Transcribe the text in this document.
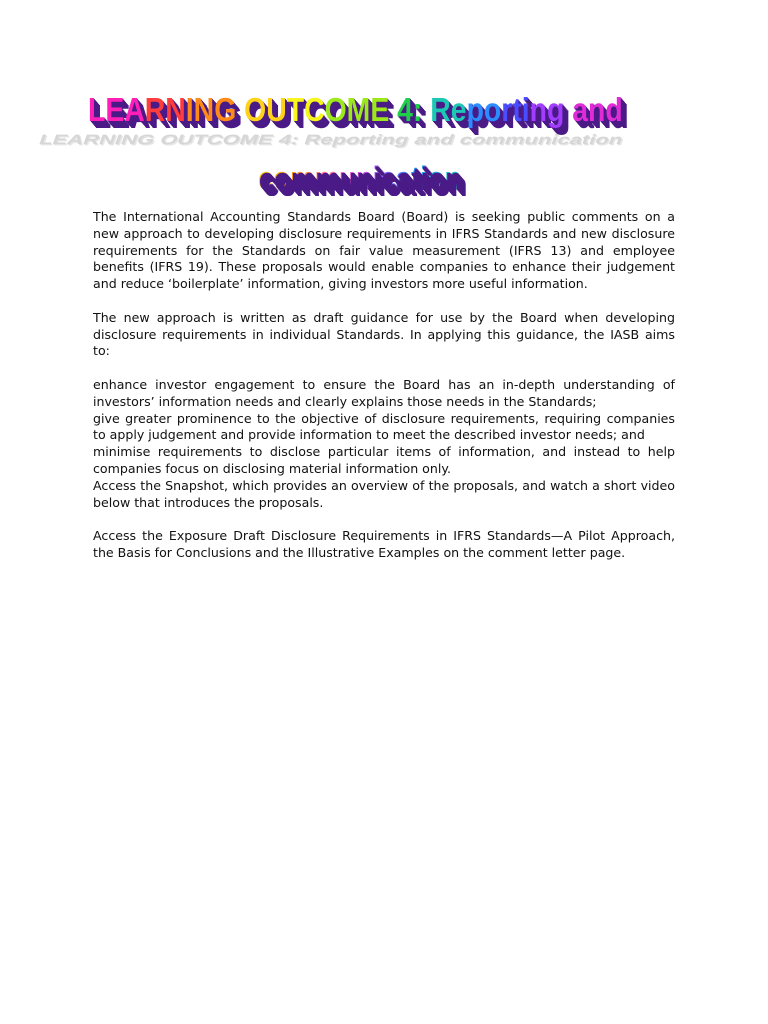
LEARNING OUTCOME 4: Reporting and communication
LEARNING OUTCOME 4: Reporting and
communication

The International Accounting Standards Board (Board) is seeking public comments on a new approach to developing disclosure requirements in IFRS Standards and new disclosure requirements for the Standards on fair value measurement (IFRS 13) and employee benefits (IFRS 19). These proposals would enable companies to enhance their judgement and reduce ‘boilerplate’ information, giving investors more useful information.

The new approach is written as draft guidance for use by the Board when developing disclosure requirements in individual Standards. In applying this guidance, the IASB aims to:

enhance investor engagement to ensure the Board has an in-depth understanding of investors’ information needs and clearly explains those needs in the Standards;

give greater prominence to the objective of disclosure requirements, requiring companies to apply judgement and provide information to meet the described investor needs; and

minimise requirements to disclose particular items of information, and instead to help companies focus on disclosing material information only.

Access the Snapshot, which provides an overview of the proposals, and watch a short video below that introduces the proposals.

Access the Exposure Draft Disclosure Requirements in IFRS Standards—A Pilot Approach, the Basis for Conclusions and the Illustrative Examples on the comment letter page.
